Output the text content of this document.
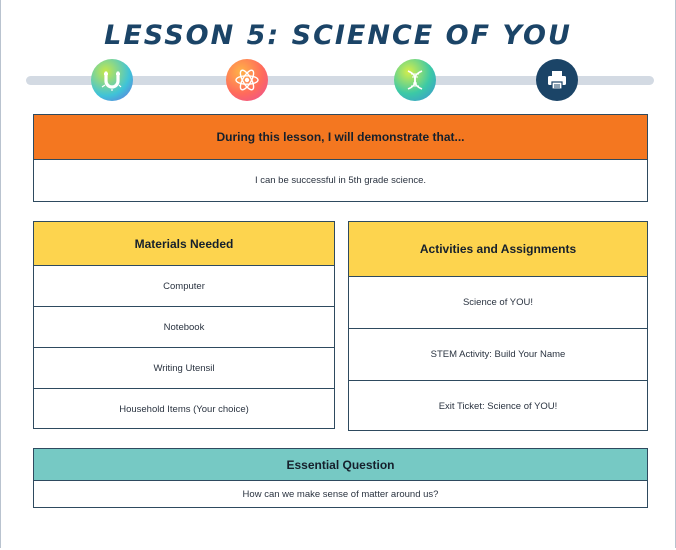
LESSON 5: SCIENCE OF YOU
During this lesson, I will demonstrate that...
I can be successful in 5th grade science.
Materials Needed
Computer
Notebook
Writing Utensil
Household Items (Your choice)
Activities and Assignments
Science of YOU!
STEM Activity: Build Your Name
Exit Ticket: Science of YOU!
Essential Question
How can we make sense of matter around us?
